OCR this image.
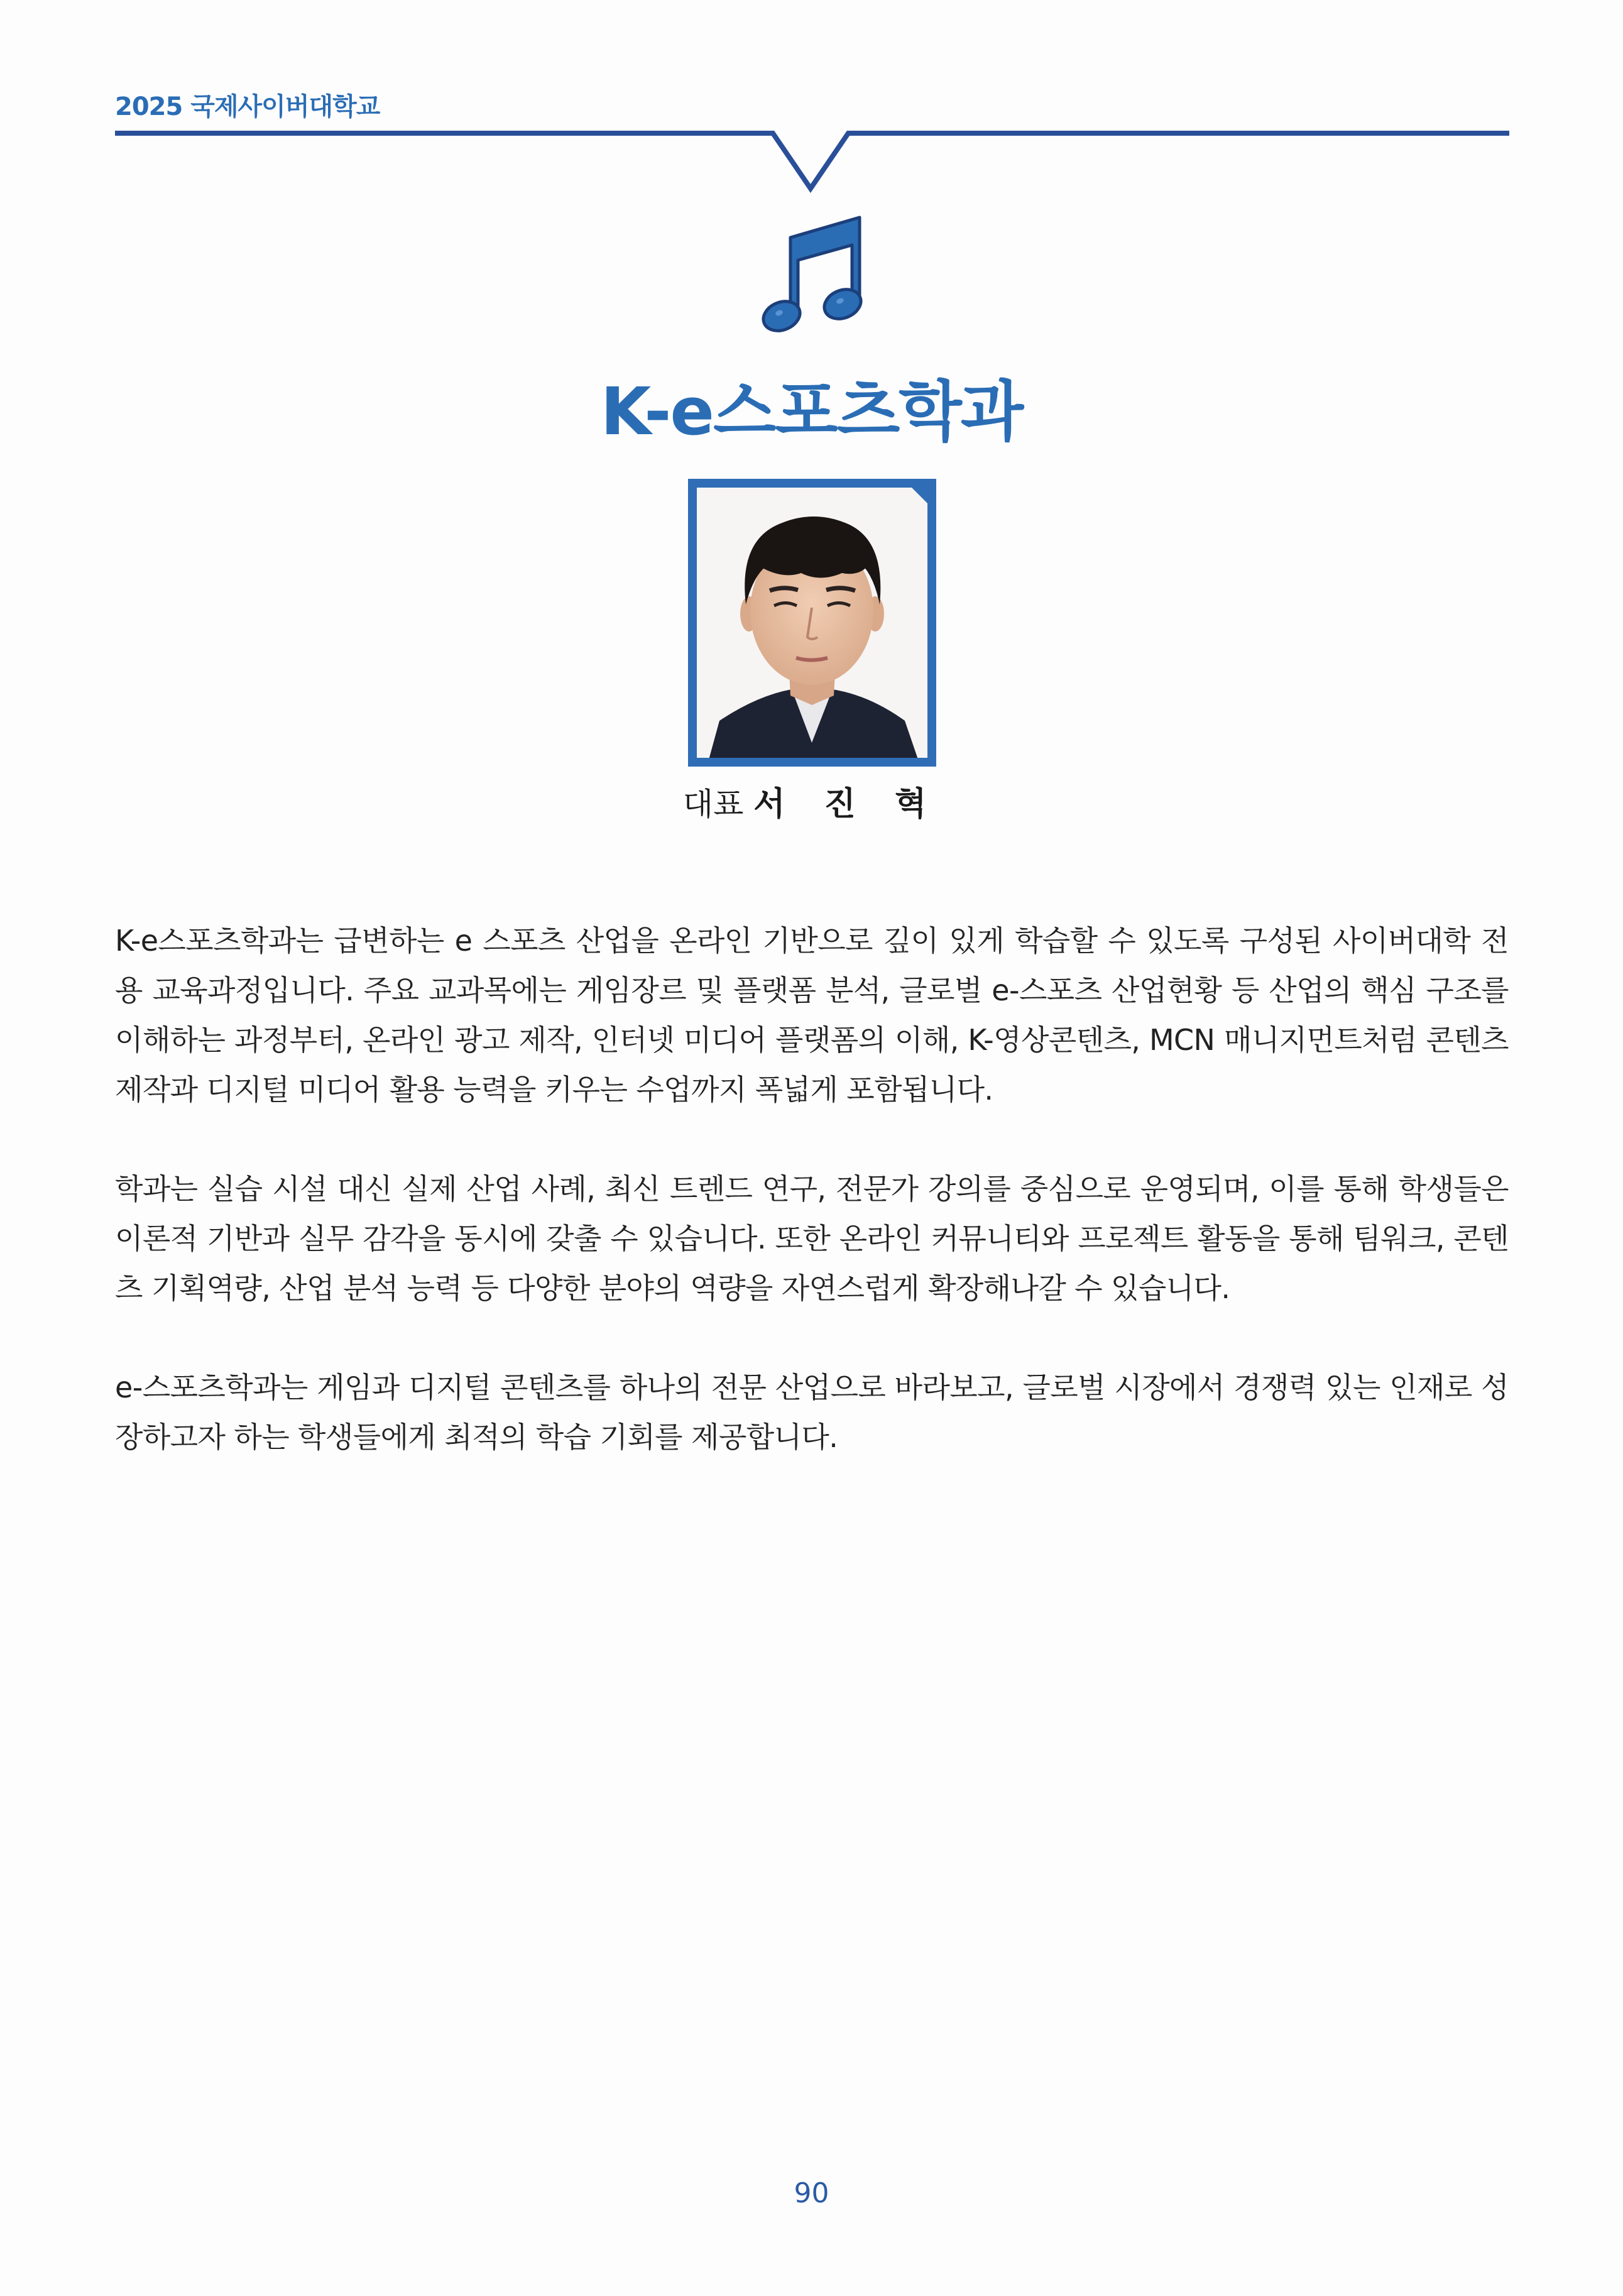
2025 국제사이버대학교
K-e스포츠학과
대표 서 진 혁

K-e스포츠학과는 급변하는 e 스포츠 산업을 온라인 기반으로 깊이 있게 학습할 수 있도록 구성된 사이버대학 전용 교육과정입니다. 주요 교과목에는 게임장르 및 플랫폼 분석, 글로벌 e-스포츠 산업현황 등 산업의 핵심 구조를 이해하는 과정부터, 온라인 광고 제작, 인터넷 미디어 플랫폼의 이해, K-영상콘텐츠, MCN 매니지먼트처럼 콘텐츠 제작과 디지털 미디어 활용 능력을 키우는 수업까지 폭넓게 포함됩니다.

학과는 실습 시설 대신 실제 산업 사례, 최신 트렌드 연구, 전문가 강의를 중심으로 운영되며, 이를 통해 학생들은 이론적 기반과 실무 감각을 동시에 갖출 수 있습니다. 또한 온라인 커뮤니티와 프로젝트 활동을 통해 팀워크, 콘텐츠 기획역량, 산업 분석 능력 등 다양한 분야의 역량을 자연스럽게 확장해나갈 수 있습니다.

e-스포츠학과는 게임과 디지털 콘텐츠를 하나의 전문 산업으로 바라보고, 글로벌 시장에서 경쟁력 있는 인재로 성장하고자 하는 학생들에게 최적의 학습 기회를 제공합니다.

90
